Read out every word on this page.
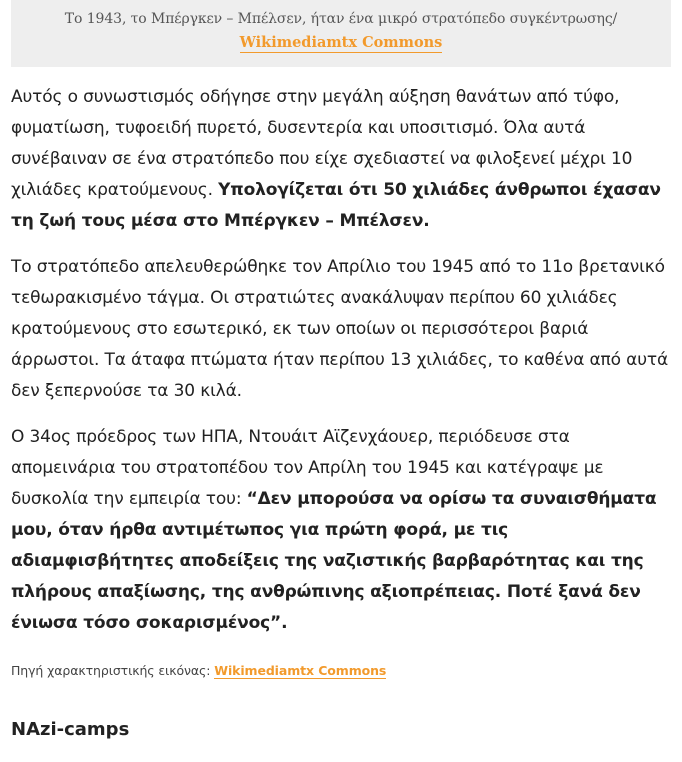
Το 1943, το Μπέργκεν – Μπέλσεν, ήταν ένα μικρό στρατόπεδο συγκέντρωσης/
Wikimediamtx Commons

Αυτός ο συνωστισμός οδήγησε στην μεγάλη αύξηση θανάτων από τύφο, φυματίωση, τυφοειδή πυρετό, δυσεντερία και υποσιτισμό. Όλα αυτά συνέβαιναν σε ένα στρατόπεδο που είχε σχεδιαστεί να φιλοξενεί μέχρι 10 χιλιάδες κρατούμενους. Υπολογίζεται ότι 50 χιλιάδες άνθρωποι έχασαν τη ζωή τους μέσα στο Μπέργκεν – Μπέλσεν.

Το στρατόπεδο απελευθερώθηκε τον Απρίλιο του 1945 από το 11ο βρετανικό τεθωρακισμένο τάγμα. Οι στρατιώτες ανακάλυψαν περίπου 60 χιλιάδες κρατούμενους στο εσωτερικό, εκ των οποίων οι περισσότεροι βαριά άρρωστοι. Τα άταφα πτώματα ήταν περίπου 13 χιλιάδες, το καθένα από αυτά δεν ξεπερνούσε τα 30 κιλά.

Ο 34ος πρόεδρος των ΗΠΑ, Ντουάιτ Αϊζενχάουερ, περιόδευσε στα απομεινάρια του στρατοπέδου τον Απρίλη του 1945 και κατέγραψε με δυσκολία την εμπειρία του: “Δεν μπορούσα να ορίσω τα συναισθήματα μου, όταν ήρθα αντιμέτωπος για πρώτη φορά, με τις αδιαμφισβήτητες αποδείξεις της ναζιστικής βαρβαρότητας και της πλήρους απαξίωσης, της ανθρώπινης αξιοπρέπειας. Ποτέ ξανά δεν ένιωσα τόσο σοκαρισμένος”.

Πηγή χαρακτηριστικής εικόνας: Wikimediamtx Commons
NAzi-camps
